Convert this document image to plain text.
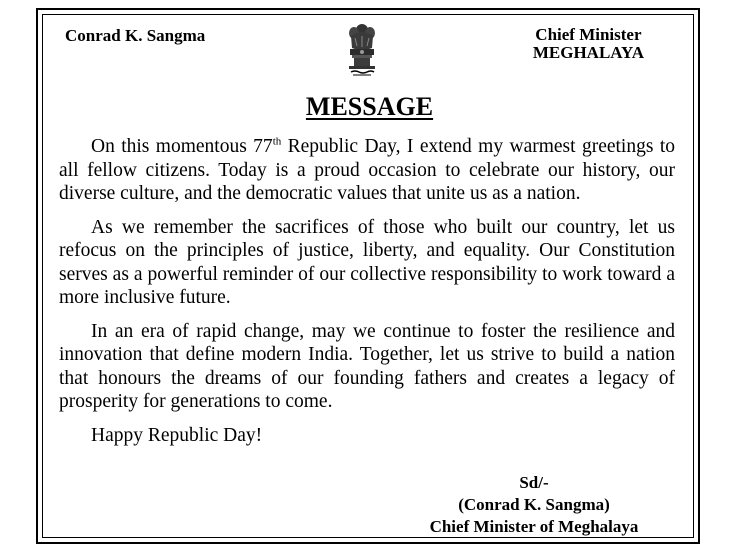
Conrad K. Sangma	Chief Minister
MEGHALAYA
MESSAGE

On this momentous 77th Republic Day, I extend my warmest greetings to all fellow citizens. Today is a proud occasion to celebrate our history, our diverse culture, and the democratic values that unite us as a nation.

As we remember the sacrifices of those who built our country, let us refocus on the principles of justice, liberty, and equality. Our Constitution serves as a powerful reminder of our collective responsibility to work toward a more inclusive future.

In an era of rapid change, may we continue to foster the resilience and innovation that define modern India. Together, let us strive to build a nation that honours the dreams of our founding fathers and creates a legacy of prosperity for generations to come.

Happy Republic Day!

Sd/-
(Conrad K. Sangma)
Chief Minister of Meghalaya
